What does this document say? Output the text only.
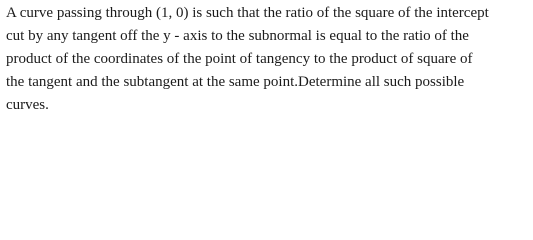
A curve passing through (1, 0) is such that the ratio of the square of the intercept
cut by any tangent off the y - axis to the subnormal is equal to the ratio of the
product of the coordinates of the point of tangency to the product of square of
the tangent and the subtangent at the same point.Determine all such possible
curves.
